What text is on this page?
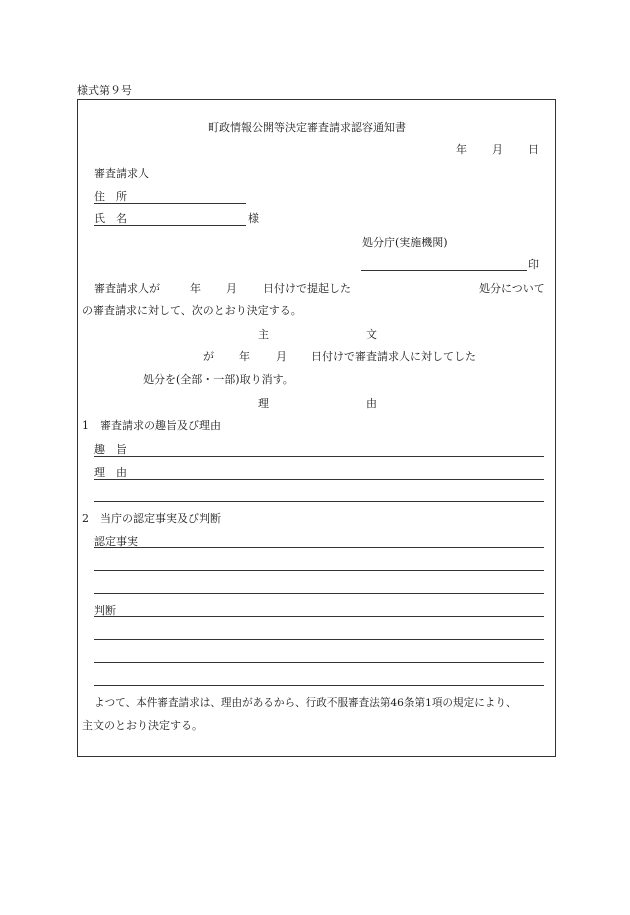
様式第９号
町政情報公開等決定審査請求認容通知書
年 月 日
審査請求人
住　所
氏　名	様
処分庁(実施機関)
印
審査請求人が	年 月 日付けで提起した	処分について
の審査請求に対して、次のとおり決定する。
主	文
が 年 月 日付けで審査請求人に対してした
処分を(全部・一部)取り消す。
理	由
1　審査請求の趣旨及び理由
趣　旨
理　由
2　当庁の認定事実及び判断
認定事実
判断
よつて、本件審査請求は、理由があるから、行政不服審査法第46条第1項の規定により、
主文のとおり決定する。
